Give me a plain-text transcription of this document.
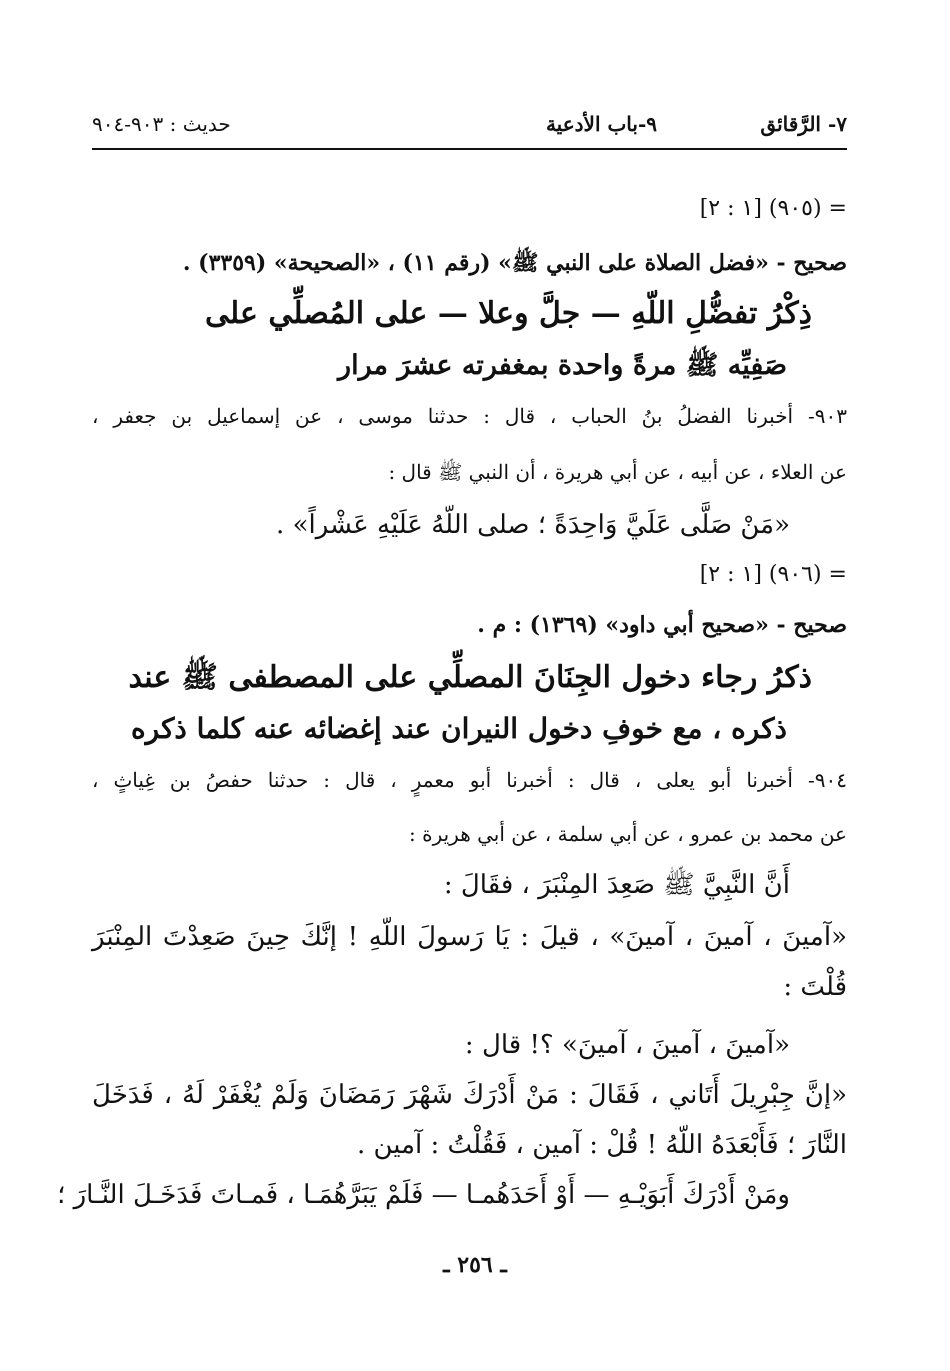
٧- الرَّقائق
٩-باب الأدعية
حديث : ٩٠٣-٩٠٤
= (٩٠٥) [١ : ٢]
صحيح - «فضل الصلاة على النبي ﷺ» (رقم ١١) ، «الصحيحة» (٣٣٥٩) .
ذِكْرُ تفضُّلِ اللّهِ — جلَّ وعلا — على المُصلِّي على
صَفِيِّه ﷺ مرةً واحدة بمغفرته عشرَ مرار
٩٠٣- أخبرنا الفضلُ بنُ الحباب ، قال : حدثنا موسى ، عن إسماعيل بن جعفر ،
عن العلاء ، عن أبيه ، عن أبي هريرة ، أن النبي ﷺ قال :
«مَنْ صَلَّى عَلَيَّ وَاحِدَةً ؛ صلى اللّهُ عَلَيْهِ عَشْراً» .
= (٩٠٦) [١ : ٢]
صحيح - «صحيح أبي داود» (١٣٦٩) : م .
ذكرُ رجاء دخول الجِنَانَ المصلِّي على المصطفى ﷺ عند
ذكره ، مع خوفِ دخول النيران عند إغضائه عنه كلما ذكره
٩٠٤- أخبرنا أبو يعلى ، قال : أخبرنا أبو معمرٍ ، قال : حدثنا حفصُ بن غِياثٍ ،
عن محمد بن عمرو ، عن أبي سلمة ، عن أبي هريرة :
أَنَّ النَّبِيَّ ﷺ صَعِدَ المِنْبَرَ ، فقَالَ :
«آمينَ ، آمينَ ، آمينَ» ، قيلَ : يَا رَسولَ اللّهِ ! إنَّكَ حِينَ صَعِدْتَ المِنْبَرَ
قُلْتَ :
«آمينَ ، آمينَ ، آمينَ» ؟! قال :
«إنَّ جِبْرِيلَ أَتَاني ، فَقَالَ : مَنْ أَدْرَكَ شَهْرَ رَمَضَانَ وَلَمْ يُغْفَرْ لَهُ ، فَدَخَلَ
النَّارَ ؛ فَأَبْعَدَهُ اللّهُ ! قُلْ : آمين ، فَقُلْتُ : آمين .
ومَنْ أَدْرَكَ أَبَوَيْـهِ — أَوْ أَحَدَهُمـا — فَلَمْ يَبَرَّهُمَـا ، فَمـاتَ فَدَخَـلَ النَّـارَ ؛
ـ ٢٥٦ ـ
